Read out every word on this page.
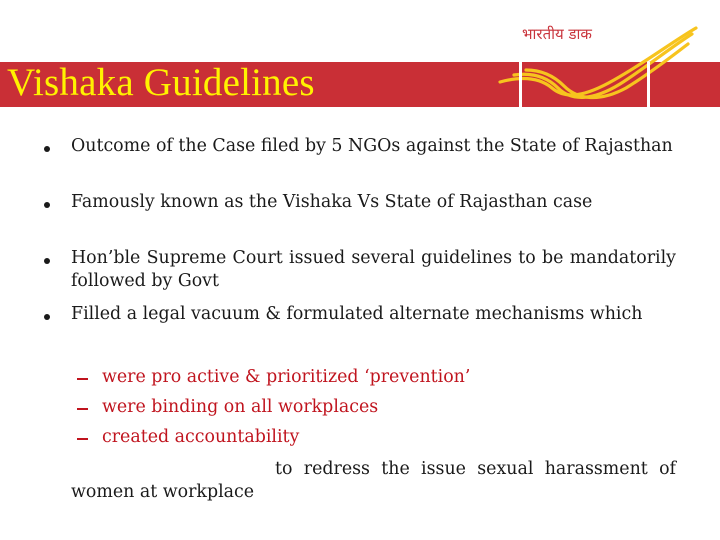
Vishaka Guidelines
भारतीय डाक
Outcome of the Case filed by 5 NGOs against the State of Rajasthan
Famously known as the Vishaka Vs State of Rajasthan case
Hon’ble Supreme Court issued several guidelines to be mandatorily followed by Govt
Filled a legal vacuum & formulated alternate mechanisms which
were pro active & prioritized ‘prevention’
were binding on all workplaces
created accountability
to redress the issue sexual harassment of women at workplace
